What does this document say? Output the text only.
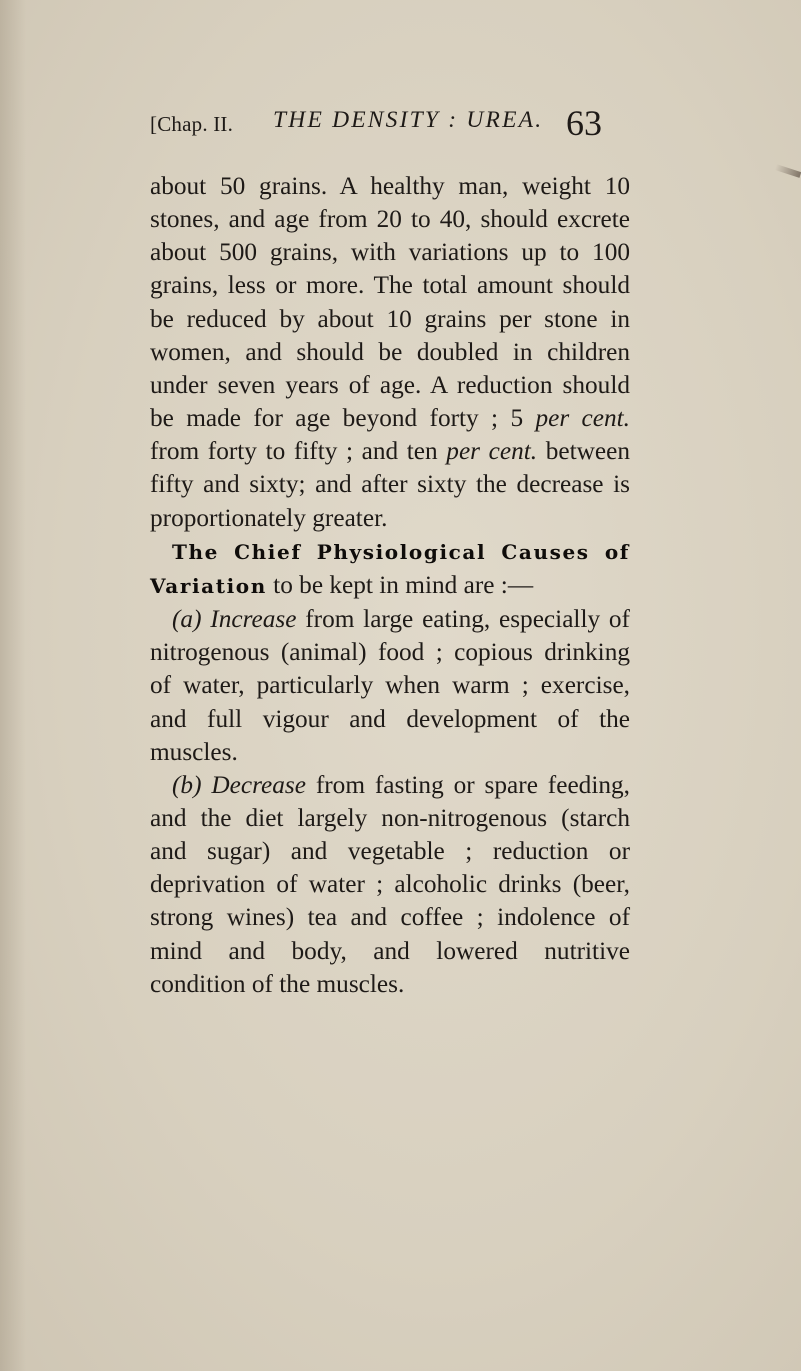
[Chap. II. THE DENSITY : UREA. 63

about 50 grains. A healthy man, weight 10 stones, and age from 20 to 40, should excrete about 500 grains, with variations up to 100 grains, less or more. The total amount should be reduced by about 10 grains per stone in women, and should be doubled in children under seven years of age. A reduction should be made for age beyond forty ; 5 per cent. from forty to fifty ; and ten per cent. between fifty and sixty; and after sixty the decrease is proportionately greater.

The Chief Physiological Causes of Variation to be kept in mind are :—

(a) Increase from large eating, especially of nitrogenous (animal) food ; copious drinking of water, particularly when warm ; exercise, and full vigour and development of the muscles.

(b) Decrease from fasting or spare feeding, and the diet largely non-nitrogenous (starch and sugar) and vegetable ; reduction or deprivation of water ; alcoholic drinks (beer, strong wines) tea and coffee ; indolence of mind and body, and lowered nutritive condition of the muscles.
